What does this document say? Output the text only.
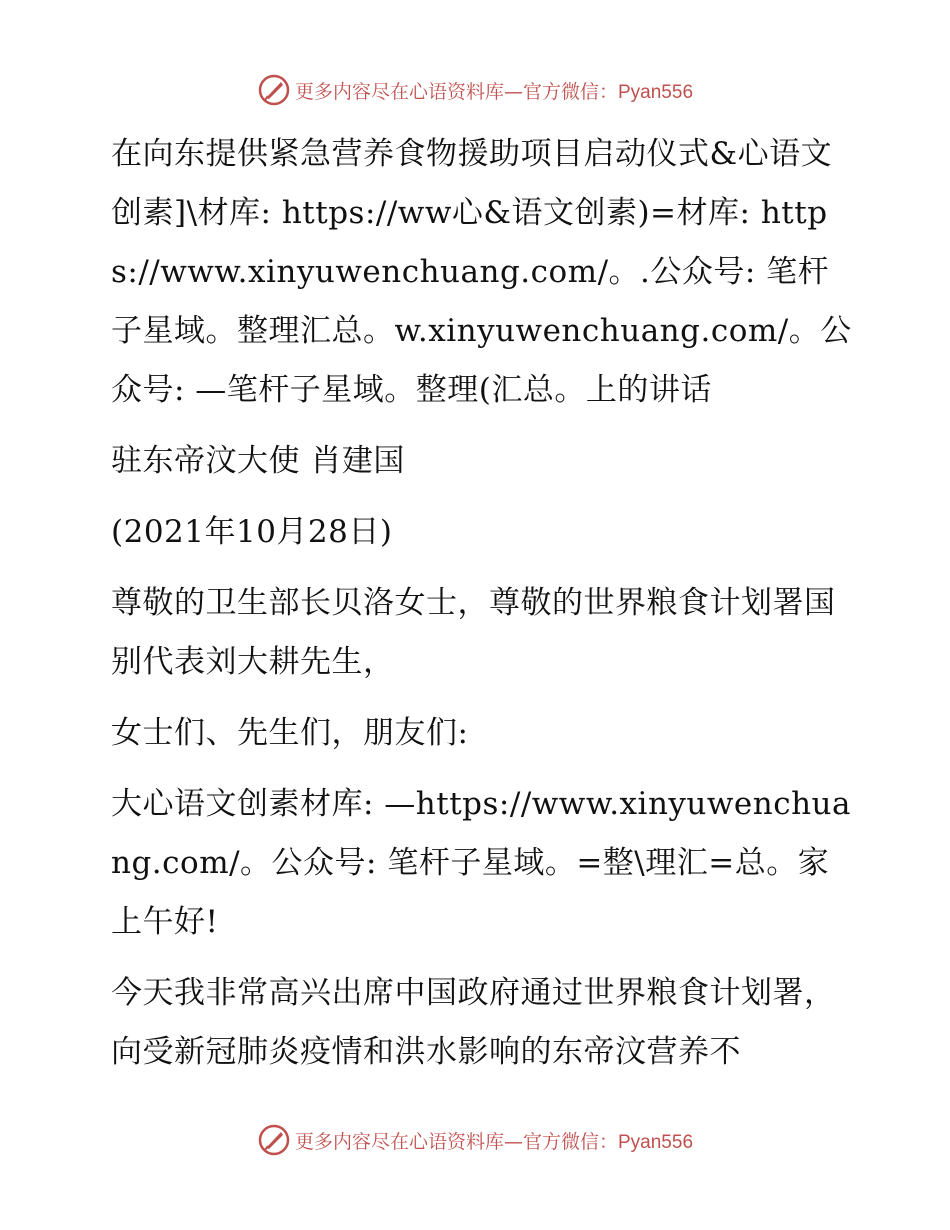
更多内容尽在心语资料库—官方微信：Pyan556

在向东提供紧急营养食物援助项目启动仪式&心语文创素]\材库: https://ww心&语文创素)=材库: https://www.xinyuwenchuang.com/。.公众号: 笔杆子星域。整理汇总。w.xinyuwenchuang.com/。公众号: —笔杆子星域。整理(汇总。上的讲话

驻东帝汶大使 肖建国

(2021年10月28日)

尊敬的卫生部长贝洛女士，尊敬的世界粮食计划署国别代表刘大耕先生，

女士们、先生们，朋友们:

大心语文创素材库: —https://www.xinyuwenchuang.com/。公众号: 笔杆子星域。=整\理汇=总。家上午好!

今天我非常高兴出席中国政府通过世界粮食计划署，向受新冠肺炎疫情和洪水影响的东帝汶营养不

更多内容尽在心语资料库—官方微信：Pyan556
